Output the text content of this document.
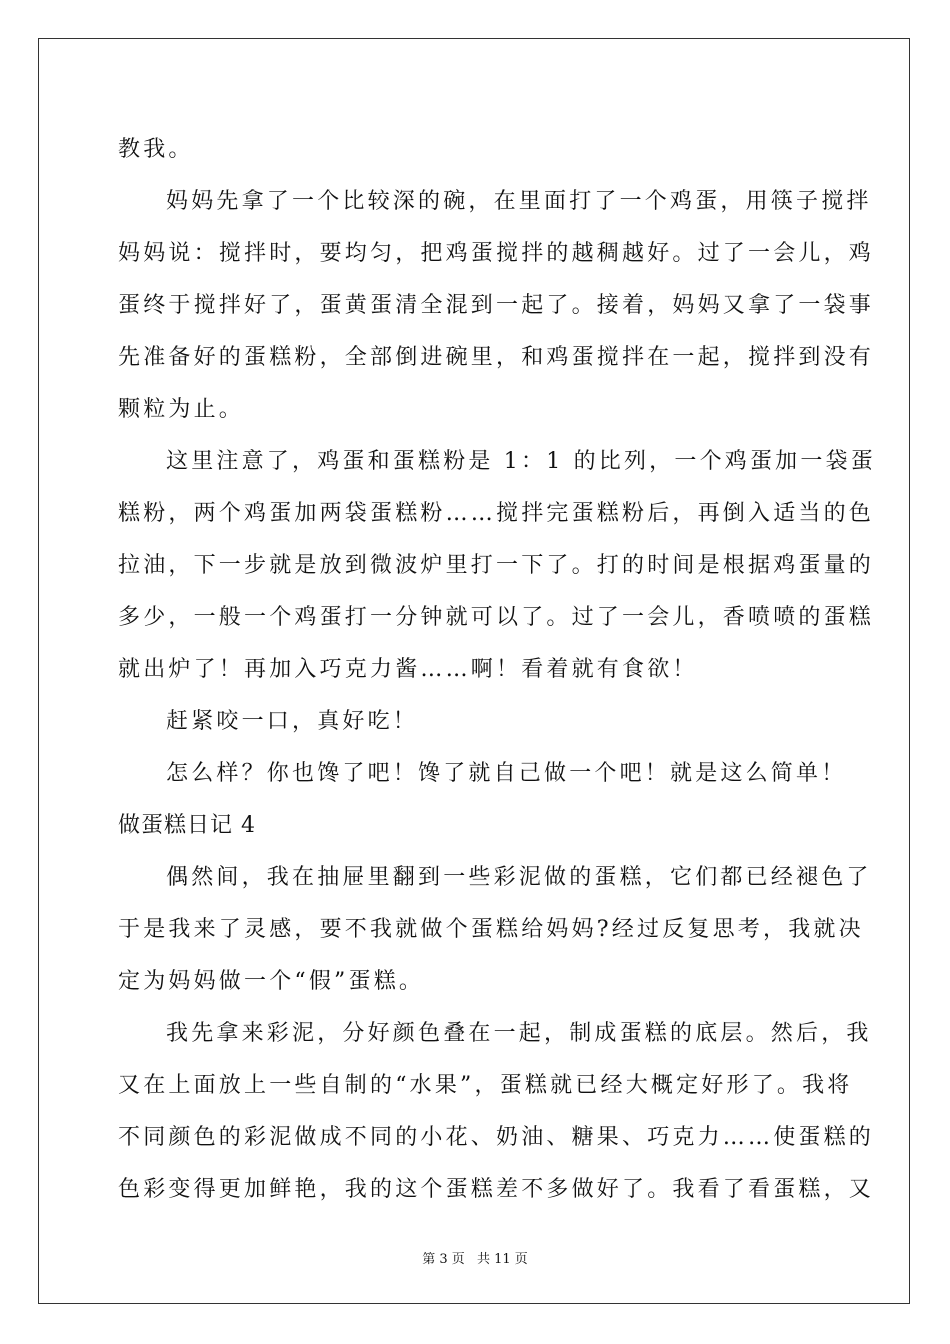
教我。
妈妈先拿了一个比较深的碗，在里面打了一个鸡蛋，用筷子搅拌
妈妈说：搅拌时，要均匀，把鸡蛋搅拌的越稠越好。过了一会儿，鸡
蛋终于搅拌好了，蛋黄蛋清全混到一起了。接着，妈妈又拿了一袋事
先准备好的蛋糕粉，全部倒进碗里，和鸡蛋搅拌在一起，搅拌到没有
颗粒为止。
这里注意了，鸡蛋和蛋糕粉是 1：1 的比列，一个鸡蛋加一袋蛋
糕粉，两个鸡蛋加两袋蛋糕粉……搅拌完蛋糕粉后，再倒入适当的色
拉油，下一步就是放到微波炉里打一下了。打的时间是根据鸡蛋量的
多少，一般一个鸡蛋打一分钟就可以了。过了一会儿，香喷喷的蛋糕
就出炉了！再加入巧克力酱……啊！看着就有食欲！
赶紧咬一口，真好吃！
怎么样？你也馋了吧！馋了就自己做一个吧！就是这么简单！
做蛋糕日记 4
偶然间，我在抽屉里翻到一些彩泥做的蛋糕，它们都已经褪色了
于是我来了灵感，要不我就做个蛋糕给妈妈?经过反复思考，我就决
定为妈妈做一个“假”蛋糕。
我先拿来彩泥，分好颜色叠在一起，制成蛋糕的底层。然后，我
又在上面放上一些自制的“水果”，蛋糕就已经大概定好形了。我将
不同颜色的彩泥做成不同的小花、奶油、糖果、巧克力……使蛋糕的
色彩变得更加鲜艳，我的这个蛋糕差不多做好了。我看了看蛋糕，又
第 3 页 共 11 页
